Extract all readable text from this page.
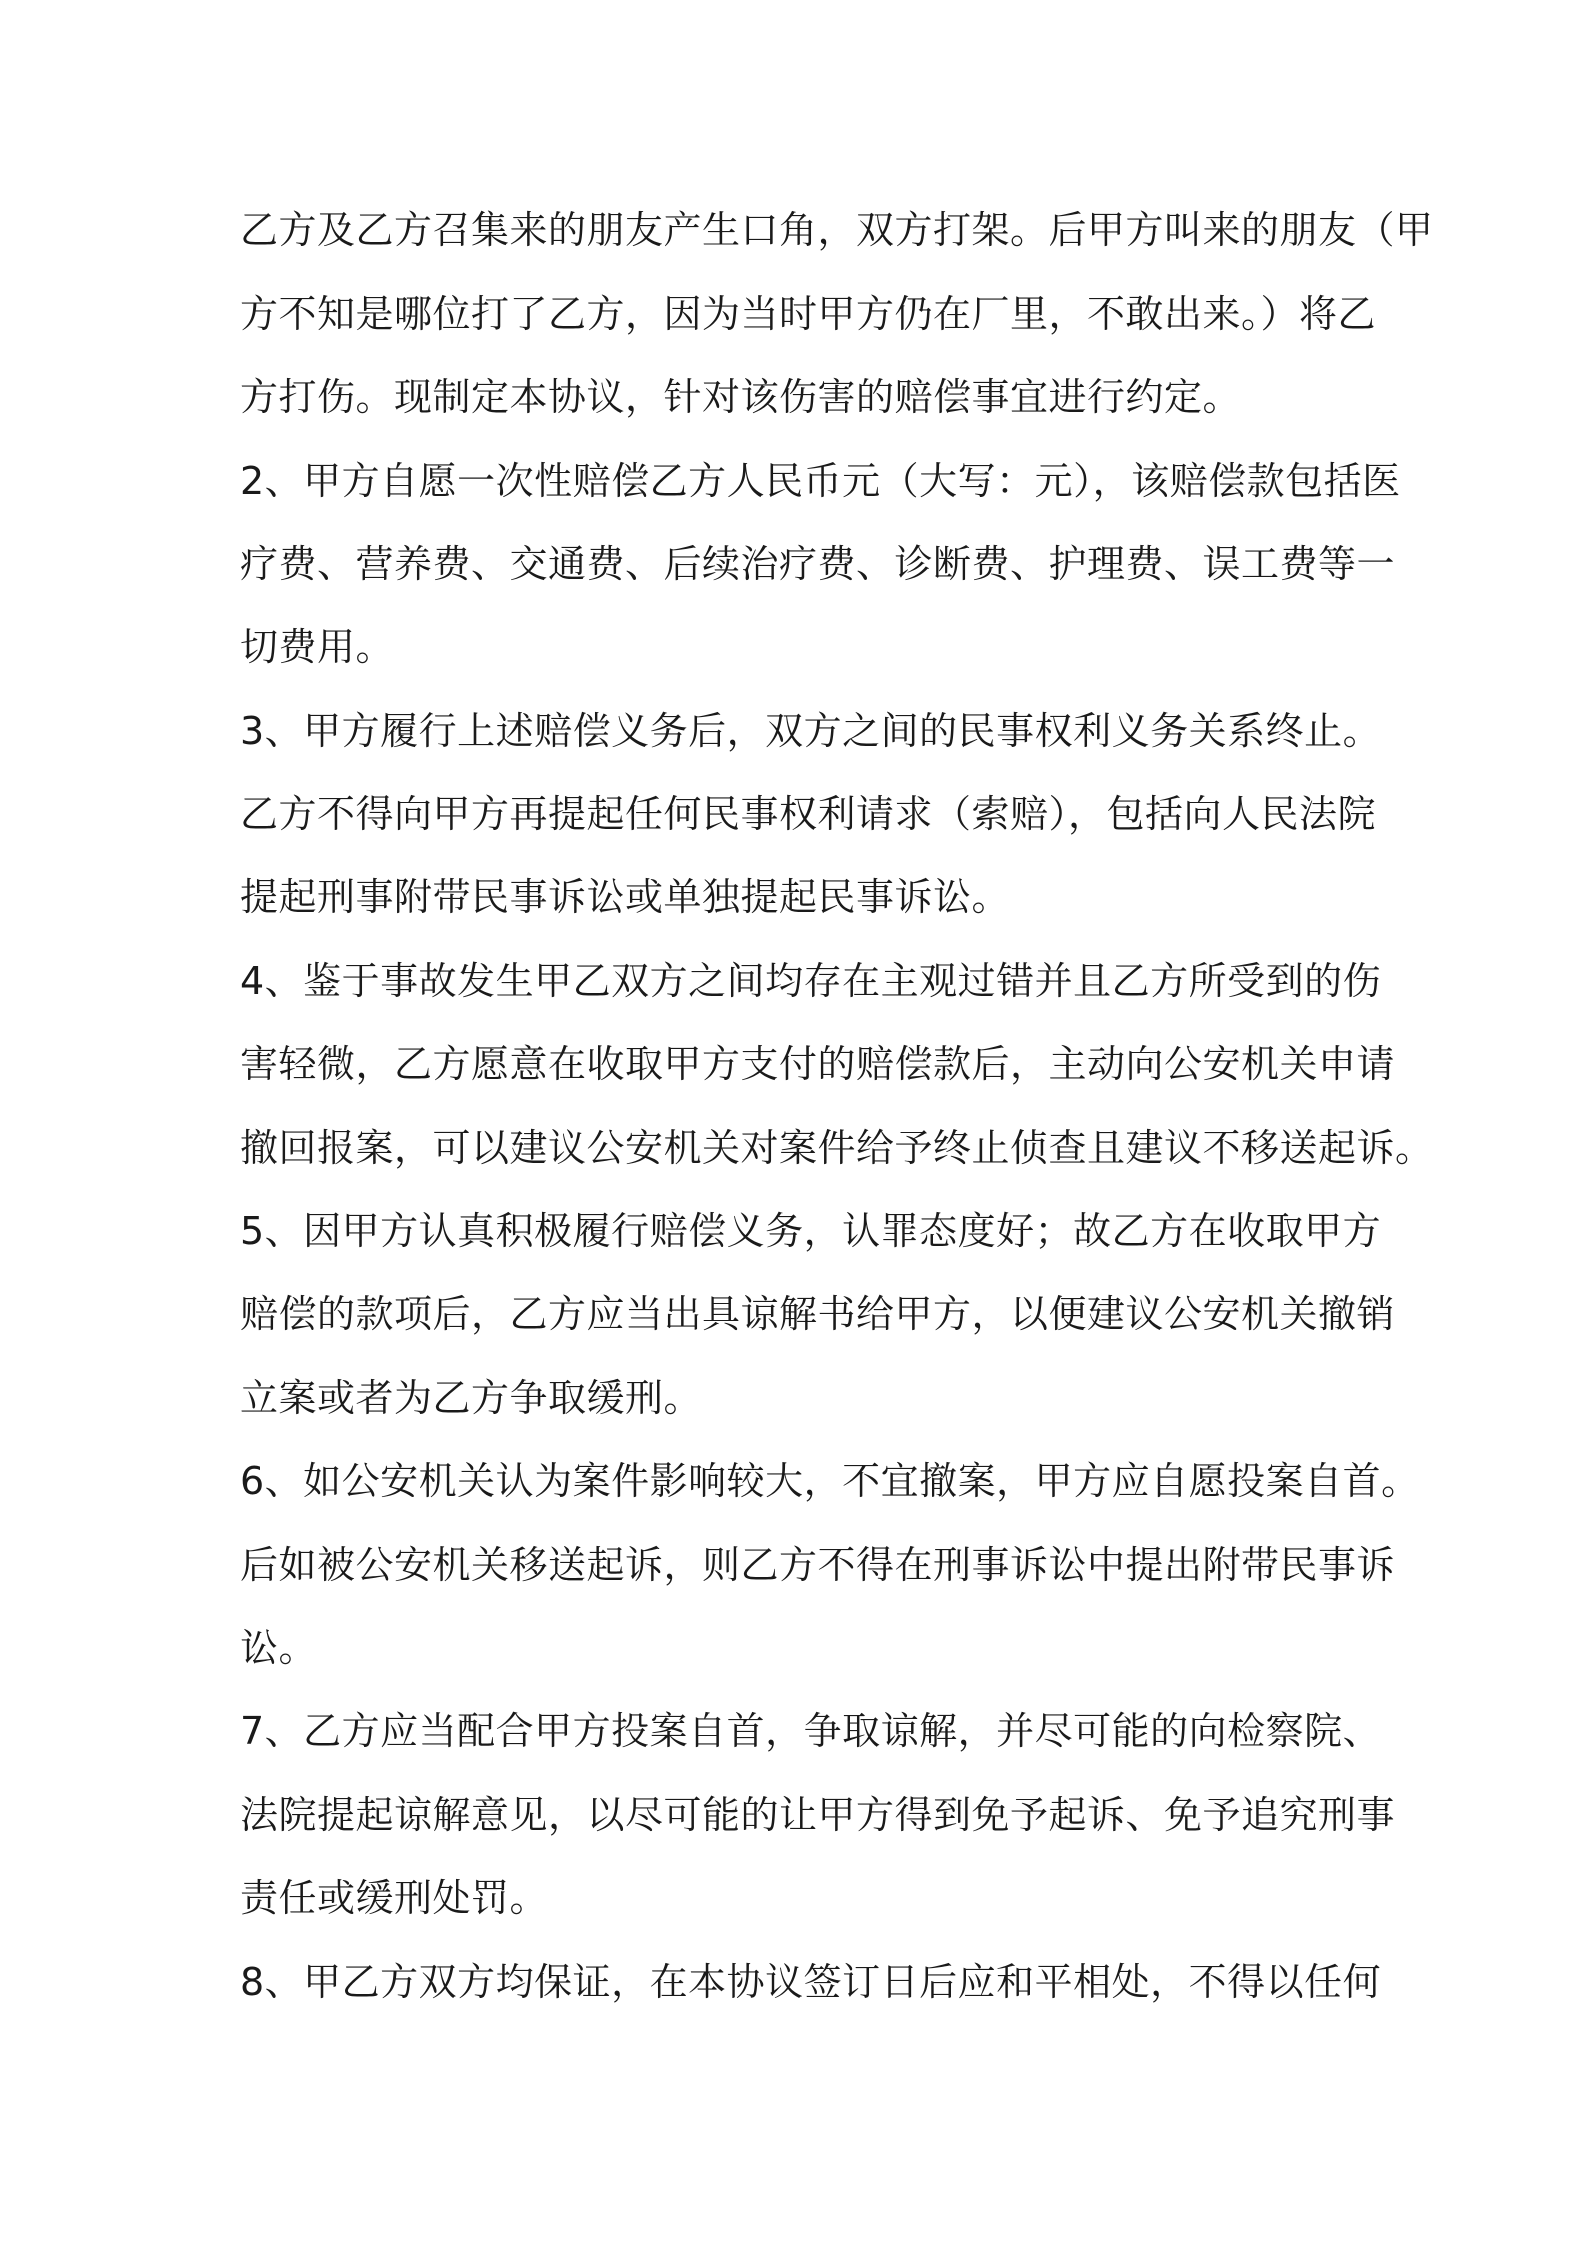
乙方及乙方召集来的朋友产生口角，双方打架。后甲方叫来的朋友（甲
方不知是哪位打了乙方，因为当时甲方仍在厂里，不敢出来。）将乙
方打伤。现制定本协议，针对该伤害的赔偿事宜进行约定。
2、甲方自愿一次性赔偿乙方人民币元（大写：元），该赔偿款包括医
疗费、营养费、交通费、后续治疗费、诊断费、护理费、误工费等一
切费用。
3、甲方履行上述赔偿义务后，双方之间的民事权利义务关系终止。
乙方不得向甲方再提起任何民事权利请求（索赔），包括向人民法院
提起刑事附带民事诉讼或单独提起民事诉讼。
4、鉴于事故发生甲乙双方之间均存在主观过错并且乙方所受到的伤
害轻微，乙方愿意在收取甲方支付的赔偿款后，主动向公安机关申请
撤回报案，可以建议公安机关对案件给予终止侦查且建议不移送起诉。
5、因甲方认真积极履行赔偿义务，认罪态度好；故乙方在收取甲方
赔偿的款项后，乙方应当出具谅解书给甲方，以便建议公安机关撤销
立案或者为乙方争取缓刑。
6、如公安机关认为案件影响较大，不宜撤案，甲方应自愿投案自首。
后如被公安机关移送起诉，则乙方不得在刑事诉讼中提出附带民事诉
讼。
7、乙方应当配合甲方投案自首，争取谅解，并尽可能的向检察院、
法院提起谅解意见，以尽可能的让甲方得到免予起诉、免予追究刑事
责任或缓刑处罚。
8、甲乙方双方均保证，在本协议签订日后应和平相处，不得以任何
